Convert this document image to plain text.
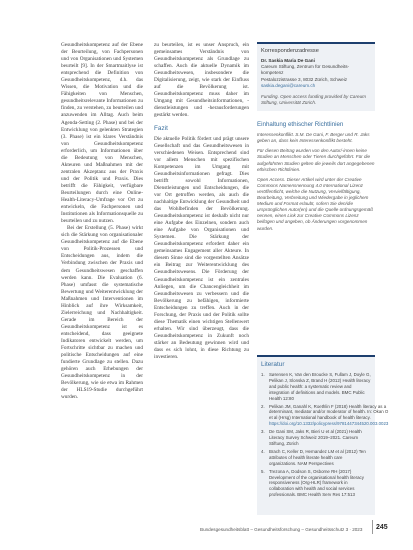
Gesundheitskompetenz auf der Ebene der Beurteilung, von Fachpersonen und von Organisationen und Systemen beurteilt [9]. In der Smartmaitlyse ist entsprechend die Definition von Gesundheitskompetenz, d.h. das Wissen, die Motivation und die Fähigkeiten von Menschen, gesundheitsrelevante Informationen zu finden, zu verstehen, zu beurteilen und anzuwenden im Alltag. Auch beim Agenda-Setting (2. Phase) und bei der Entwicklung von gelenkten Strategien (3. Phase) ist ein klares Verständnis von Gesundheitskompetenz erforderlich, um Informationen über die Bedeutung von Menschen, Akteuren und Maßnahmen mit der zentralen Akzeptanz aus der Praxis und der Politik und Praxis. Dies betrifft die Fähigkeit, verfügbare Beurteilungen durch eine Online-Health-Literacy-Umfrage vor Ort zu entwickeln, die Fachpersonen und Institutionen als Informationsquelle zu beurteilen und zu nutzen.

Bei der Erstellung (5. Phase) wirkt sich die Stärkung von organisationaler Gesundheitskompetenz auf die Ebene von Politik-Prozessen und Entscheidungen aus, indem die Verbindung zwischen der Praxis und dem Gesundheitswesen geschaffen werden kann. Die Evaluation (6. Phase) umfasst die systematische Bewertung und Weiterentwicklung der Maßnahmen und Interventionen im Hinblick auf ihre Wirksamkeit, Zielerreichung und Nachhaltigkeit. Gerade im Bereich der Gesundheitskompetenz ist es entscheidend, dass geeignete Indikatoren entwickelt werden, um Fortschritte sichtbar zu machen und politische Entscheidungen auf eine fundierte Grundlage zu stellen. Dazu gehören auch Erhebungen der Gesundheitskompetenz in der Bevölkerung, wie sie etwa im Rahmen der HLS19-Studie durchgeführt wurden.

zu beurteilen, ist es unser Anspruch, ein gemeinsames Verständnis von Gesundheitskompetenz als Grundlage zu schaffen. Auch die aktuelle Dynamik im Gesundheitswesen, insbesondere die Digitalisierung, zeigt, wie stark der Einfluss auf die Bevölkerung ist. Gesundheitskompetenz muss daher im Umgang mit Gesundheitsinformationen, -dienstleistungen und -herausforderungen gestärkt werden.

Fazit

Die aktuelle Politik fördert und prägt unsere Gesellschaft und das Gesundheitswesen in verschiedenen Weisen. Entsprechend sind vor allem Menschen mit spezifischen Kompetenzen im Umgang mit Gesundheitsinformationen gefragt. Dies betrifft sowohl Informationen, Dienstleistungen und Entscheidungen, die vor Ort getroffen werden, als auch die nachhaltige Entwicklung der Gesundheit und das Wohlbefinden der Bevölkerung. Gesundheitskompetenz ist deshalb nicht nur eine Aufgabe des Einzelnen, sondern auch eine Aufgabe von Organisationen und Systemen. Die Stärkung der Gesundheitskompetenz erfordert daher ein gemeinsames Engagement aller Akteure. In diesem Sinne sind die vorgestellten Ansätze ein Beitrag zur Weiterentwicklung des Gesundheitswesens. Die Förderung der Gesundheitskompetenz ist ein zentrales Anliegen, um die Chancengleichheit im Gesundheitswesen zu verbessern und die Bevölkerung zu befähigen, informierte Entscheidungen zu treffen. Auch in der Forschung, der Praxis und der Politik sollte diese Thematik einen wichtigen Stellenwert erhalten. Wir sind überzeugt, dass die Gesundheitskompetenz in Zukunft noch stärker an Bedeutung gewinnen wird und dass es sich lohnt, in diese Richtung zu investieren.

Korrespondenzadresse
Dr. Saskia Maria De Gani
Careum Stiftung, Zentrum für Gesundheits-
kompetenz
Pestalozzistrasse 3, 8032 Zürich, Schweiz
saskia.degani@careum.ch
Funding. Open access funding provided by Careum Stiftung, Universität Zürich.
Einhaltung ethischer Richtlinien
Interessenkonflikt. S.M. De Gani, F. Berger und R. Jaks geben an, dass kein Interessenkonflikt besteht.
Für diesen Beitrag wurden von den Autor/-innen keine Studien an Menschen oder Tieren durchgeführt. Für die aufgeführten Studien gelten die jeweils dort angegebenen ethischen Richtlinien.
Open Access. Dieser Artikel wird unter der Creative Commons Namensnennung 4.0 International Lizenz veröffentlicht, welche die Nutzung, Vervielfältigung, Bearbeitung, Verbreitung und Wiedergabe in jeglichem Medium und Format erlaubt, sofern Sie den/die ursprünglichen Autor(en) und die Quelle ordnungsgemäß nennen, einen Link zur Creative Commons Lizenz beifügen und angeben, ob Änderungen vorgenommen wurden.
Literatur
1. Sørensen K, Van den Broucke S, Fullam J, Doyle G, Pelikan J, Slonska Z, Brand H (2012) Health literacy and public health: a systematic review and integration of definitions and models. BMC Public Health 12:80
2. Pelikan JM, Ganahl K, Roethlin F (2018) Health literacy as a determinant, mediator and/or moderator of health. In: Okan O et al (Hrsg) International handbook of health literacy. https://doi.org/10.1332/policypress/9781447344520.003.0023
3. De Gani SM, Jaks R, Bieri U et al (2021) Health Literacy Survey Schweiz 2019–2021. Careum Stiftung, Zürich
4. Brach C, Keller D, Hernandez LM et al (2012) Ten attributes of health literate health care organizations. NAM Perspectives
5. Trezona A, Dodson S, Osborne RH (2017) Development of the organisational health literacy responsiveness (Org-HLR) framework in collaboration with health and social services professionals. BMC Health Serv Res 17:513
Bundesgesundheitsblatt – Gesundheitsforschung – Gesundheitsschutz 3 · 2023 245
